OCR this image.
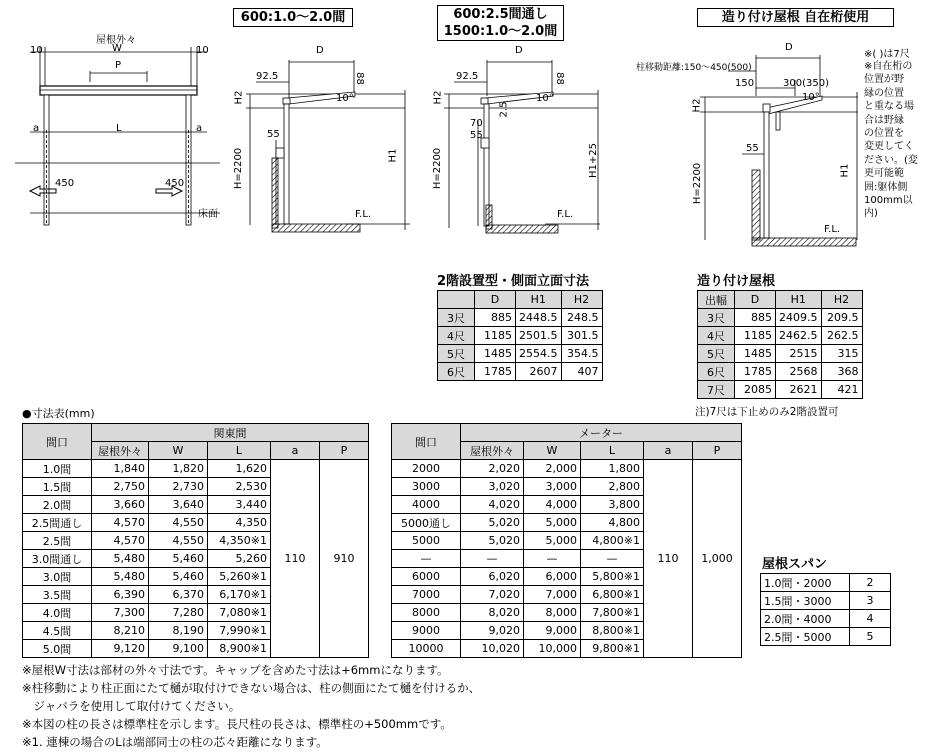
屋根外々
10	10
W
P
L
a	a
450	450
床面
600:1.0～2.0間
D
92.5	88
H2	10°
55
H=2200	H1
F.L.
600:2.5間通し
1500:1.0～2.0間
D
92.5	88
2.5
H2	10°
70
55
H=2200	H1+25
F.L.
造り付け屋根 自在桁使用
柱移動距離:150～450(500)
D
150	300(350)
10°
H2
55
H=2200	H1
F.L.
※( )は7尺
※自在桁の
位置が野
縁の位置
と重なる場
合は野縁
の位置を
変更してく
ださい。(変
更可能範
囲:躯体側
100mm以
内)
2階設置型・側面立面寸法
	D	H1	H2
3尺	885	2448.5	248.5
4尺	1185	2501.5	301.5
5尺	1485	2554.5	354.5
6尺	1785	2607	407
造り付け屋根
出幅	D	H1	H2
3尺	885	2409.5	209.5
4尺	1185	2462.5	262.5
5尺	1485	2515	315
6尺	1785	2568	368
7尺	2085	2621	421
注)7尺は下止めのみ2階設置可
●寸法表(mm)
間口	関東間						間口	メーター				
	屋根外々	W	L	a	P			屋根外々	W	L	a	P
1.0間	1,840	1,820	1,620	110	910		2000	2,020	2,000	1,800	110	1,000
1.5間	2,750	2,730	2,530				3000	3,020	3,000	2,800		
2.0間	3,660	3,640	3,440				4000	4,020	4,000	3,800		
2.5間通し	4,570	4,550	4,350				5000通し	5,020	5,000	4,800		
2.5間	4,570	4,550	4,350※1				5000	5,020	5,000	4,800※1		
3.0間通し	5,480	5,460	5,260				—	—	—	—		
3.0間	5,480	5,460	5,260※1				6000	6,020	6,000	5,800※1		
3.5間	6,390	6,370	6,170※1				7000	7,020	7,000	6,800※1		
4.0間	7,300	7,280	7,080※1				8000	8,020	8,000	7,800※1		
4.5間	8,210	8,190	7,990※1				9000	9,020	9,000	8,800※1		
5.0間	9,120	9,100	8,900※1				10000	10,020	10,000	9,800※1		
屋根スパン
1.0間・2000	2
1.5間・3000	3
2.0間・4000	4
2.5間・5000	5
※屋根W寸法は部材の外々寸法です。キャップを含めた寸法は+6mmになります。
※柱移動により柱正面にたて樋が取付けできない場合は、柱の側面にたて樋を付けるか、
　ジャバラを使用して取付けてください。
※本図の柱の長さは標準柱を示します。長尺柱の長さは、標準柱の+500mmです。
※1. 連棟の場合のLは端部同士の柱の芯々距離になります。
